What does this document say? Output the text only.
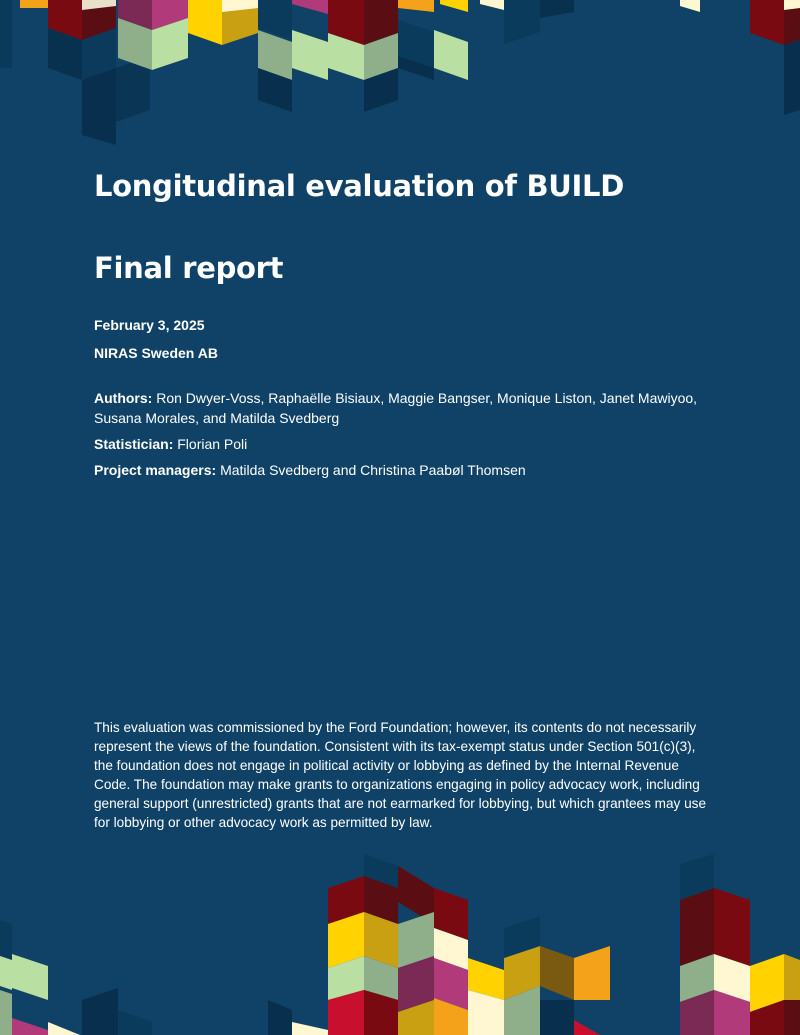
Longitudinal evaluation of BUILD
Final report

February 3, 2025

NIRAS Sweden AB

Authors: Ron Dwyer-Voss, Raphaëlle Bisiaux, Maggie Bangser, Monique Liston, Janet Mawiyoo, Susana Morales, and Matilda Svedberg

Statistician: Florian Poli

Project managers: Matilda Svedberg and Christina Paabøl Thomsen

This evaluation was commissioned by the Ford Foundation; however, its contents do not necessarily represent the views of the foundation. Consistent with its tax-exempt status under Section 501(c)(3), the foundation does not engage in political activity or lobbying as defined by the Internal Revenue Code. The foundation may make grants to organizations engaging in policy advocacy work, including general support (unrestricted) grants that are not earmarked for lobbying, but which grantees may use for lobbying or other advocacy work as permitted by law.
